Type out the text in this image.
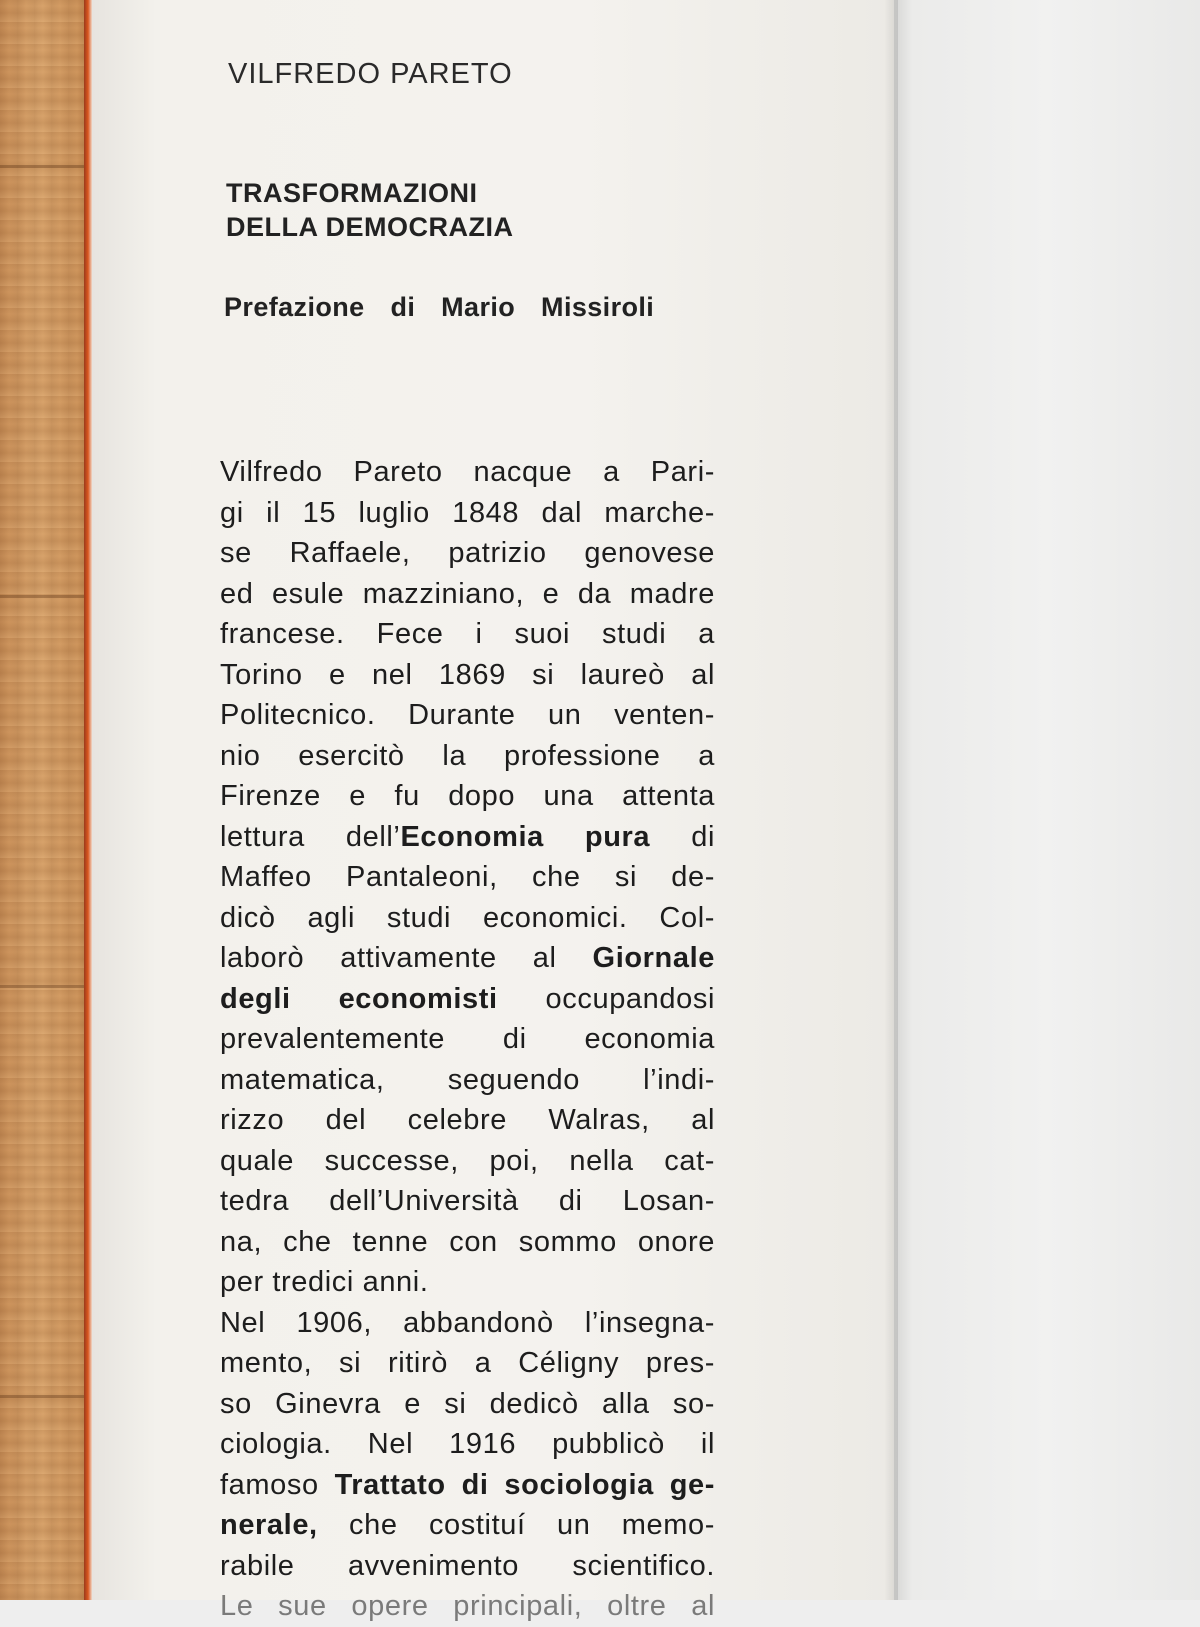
VILFREDO PARETO
TRASFORMAZIONI
DELLA DEMOCRAZIA
Prefazione di Mario Missiroli
Vilfredo Pareto nacque a Pari-
gi il 15 luglio 1848 dal marche-
se Raffaele, patrizio genovese
ed esule mazziniano, e da madre
francese. Fece i suoi studi a
Torino e nel 1869 si laureò al
Politecnico. Durante un venten-
nio esercitò la professione a
Firenze e fu dopo una attenta
lettura dell’Economia pura di
Maffeo Pantaleoni, che si de-
dicò agli studi economici. Col-
laborò attivamente al Giornale
degli economisti occupandosi
prevalentemente di economia
matematica, seguendo l’indi-
rizzo del celebre Walras, al
quale successe, poi, nella cat-
tedra dell’Università di Losan-
na, che tenne con sommo onore
per tredici anni.
Nel 1906, abbandonò l’insegna-
mento, si ritirò a Céligny pres-
so Ginevra e si dedicò alla so-
ciologia. Nel 1916 pubblicò il
famoso Trattato di sociologia ge-
nerale, che costituí un memo-
rabile avvenimento scientifico.
Le sue opere principali, oltre al
